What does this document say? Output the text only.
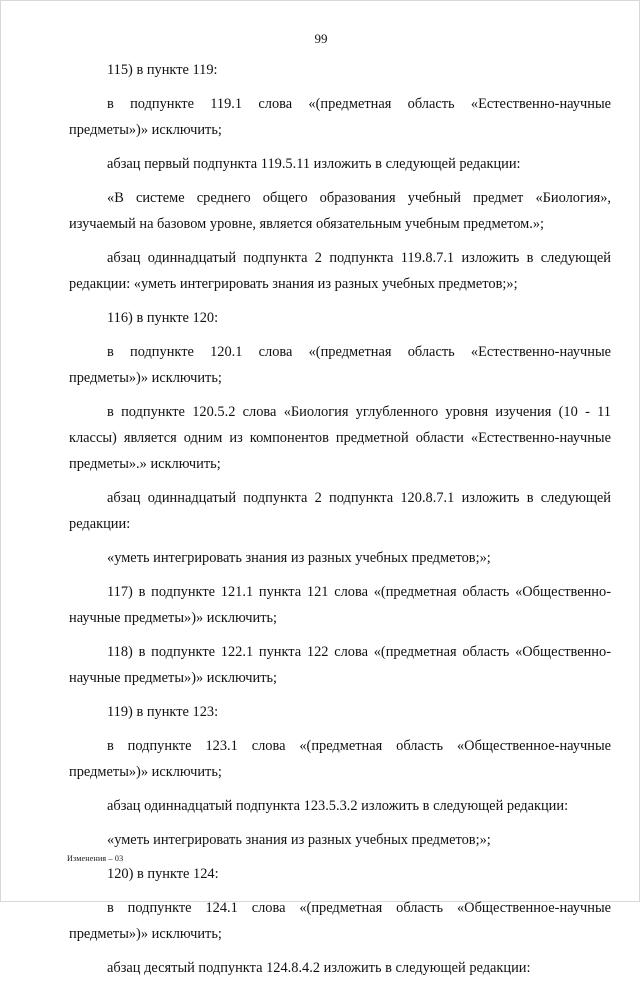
99

115) в пункте 119:

в подпункте 119.1 слова «(предметная область «Естественно-научные предметы»)» исключить;

абзац первый подпункта 119.5.11 изложить в следующей редакции:

«В системе среднего общего образования учебный предмет «Биология», изучаемый на базовом уровне, является обязательным учебным предметом.»;

абзац одиннадцатый подпункта 2 подпункта 119.8.7.1 изложить в следующей редакции: «уметь интегрировать знания из разных учебных предметов;»;

116) в пункте 120:

в подпункте 120.1 слова «(предметная область «Естественно-научные предметы»)» исключить;

в подпункте 120.5.2 слова «Биология углубленного уровня изучения (10 - 11 классы) является одним из компонентов предметной области «Естественно-научные предметы».» исключить;

абзац одиннадцатый подпункта 2 подпункта 120.8.7.1 изложить в следующей редакции:

«уметь интегрировать знания из разных учебных предметов;»;

117) в подпункте 121.1 пункта 121 слова «(предметная область «Общественно-научные предметы»)» исключить;

118) в подпункте 122.1 пункта 122 слова «(предметная область «Общественно-научные предметы»)» исключить;

119) в пункте 123:

в подпункте 123.1 слова «(предметная область «Общественное-научные предметы»)» исключить;

абзац одиннадцатый подпункта 123.5.3.2 изложить в следующей редакции:

«уметь интегрировать знания из разных учебных предметов;»;

120) в пункте 124:

в подпункте 124.1 слова «(предметная область «Общественное-научные предметы»)» исключить;

абзац десятый подпункта 124.8.4.2 изложить в следующей редакции:

Изменения – 03
